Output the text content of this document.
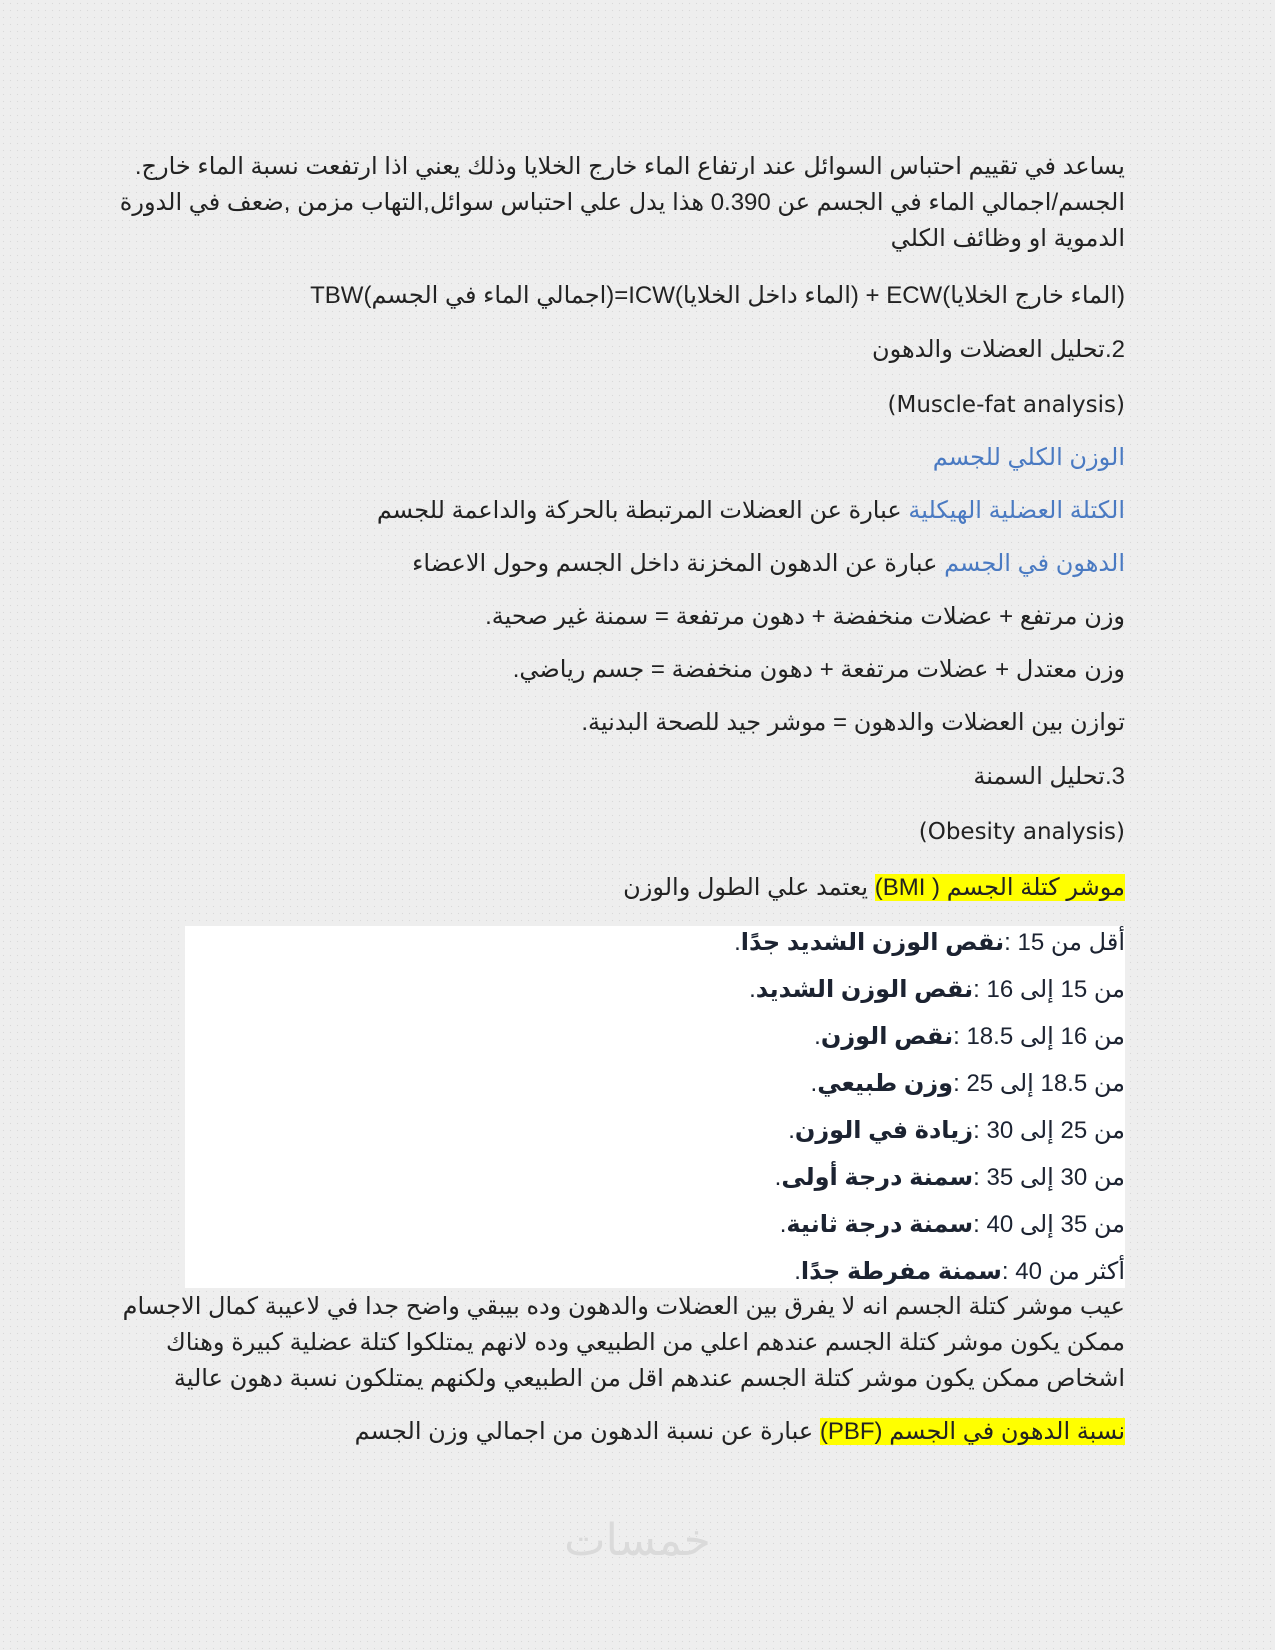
يساعد في تقييم احتباس السوائل عند ارتفاع الماء خارج الخلايا وذلك يعني اذا ارتفعت نسبة الماء خارج.
الجسم/اجمالي الماء في الجسم عن 0.390 هذا يدل علي احتباس سوائل,التهاب مزمن ,ضعف في الدورة
الدموية او وظائف الكلي
(الماء خارج الخلايا)ECW + (الماء داخل الخلايا)ICW=(اجمالي الماء في الجسم)TBW
2.تحليل العضلات والدهون
(Muscle-fat analysis)
الوزن الكلي للجسم
الكتلة العضلية الهيكلية عبارة عن العضلات المرتبطة بالحركة والداعمة للجسم
الدهون في الجسم عبارة عن الدهون المخزنة داخل الجسم وحول الاعضاء
وزن مرتفع + عضلات منخفضة + دهون مرتفعة = سمنة غير صحية.
وزن معتدل + عضلات مرتفعة + دهون منخفضة = جسم رياضي.
توازن بين العضلات والدهون = موشر جيد للصحة البدنية.
3.تحليل السمنة
(Obesity analysis)
موشر كتلة الجسم ( BMI) يعتمد علي الطول والوزن
أقل من 15 :نقص الوزن الشديد جدًا.
من 15 إلى 16 :نقص الوزن الشديد.
من 16 إلى 18.5 :نقص الوزن.
من 18.5 إلى 25 :وزن طبيعي.
من 25 إلى 30 :زيادة في الوزن.
من 30 إلى 35 :سمنة درجة أولى.
من 35 إلى 40 :سمنة درجة ثانية.
أكثر من 40 :سمنة مفرطة جدًا.
عيب موشر كتلة الجسم انه لا يفرق بين العضلات والدهون وده بيبقي واضح جدا في لاعيبة كمال الاجسام
ممكن يكون موشر كتلة الجسم عندهم اعلي من الطبيعي وده لانهم يمتلكوا كتلة عضلية كبيرة وهناك
اشخاص ممكن يكون موشر كتلة الجسم عندهم اقل من الطبيعي ولكنهم يمتلكون نسبة دهون عالية
نسبة الدهون في الجسم (PBF) عبارة عن نسبة الدهون من اجمالي وزن الجسم
خمسات
